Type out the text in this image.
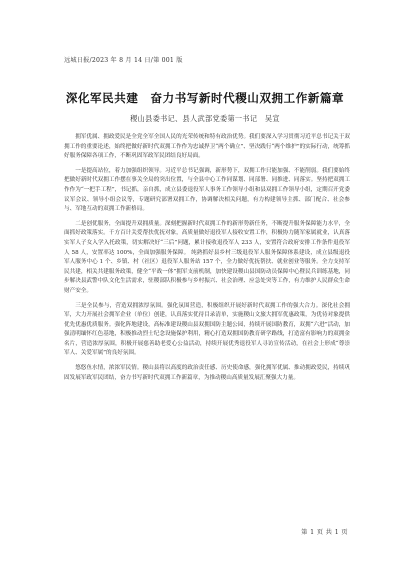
远城日报/2023 年 8 月 14 日/第 001 版
深化军民共建　奋力书写新时代稷山双拥工作新篇章
稷山县委书记、县人武部党委第一书记　吴宣

拥军优属、拥政爱民是全党全军全国人民的光荣传统和特有政治优势。我们要深入学习贯彻习近平总书记关于双拥工作的重要论述，始终把做好新时代双拥工作作为忠诚捍卫“两个确立”、坚决践行“两个维护”的实际行动，统筹抓好服务保障各项工作，不断巩固军政军民团结良好局面。

一是提高站位，着力加强组织领导。习近平总书记强调，新形势下，双拥工作只能加强、不能削弱。我们要始终把做好新时代双拥工作摆在事关全局的突出位置，与全县中心工作同谋划、同部署、同推进、同落实。坚持把双拥工作作为“一把手工程”，书记抓，亲自抓，成立县委退役军人事务工作领导小组和县双拥工作领导小组，定期召开党委议军会议、领导小组会议等，专题研究部署双拥工作，协调解决相关问题，有力构建领导主抓、部门配合、社会参与、军地互动的双拥工作新格局。

二是创优服务，全面提升双拥质量。深刻把握新时代双拥工作的新形势新任务，不断提升服务保障能力水平，全面抓好政策落实。千方百计关爱帮扶优抚对象，高质量做好退役军人接收安置工作，积极协力随军家属就业，认真落实军人子女入学入托政策，切实解决好“三后”问题，累计接收退役军人 233 人，安置符合政府安排工作条件退役军人 58 人，安置率达 100%，全面加强服务保障。 纯熟抓好县乡村三级退役军人服务保障体系建设，成立县级退役军人服务中心 1 个、乡镇、村（社区）退役军人服务站 157 个，全力做好优抚帮扶、就业创业等服务。全力支持军民共建，相关共建服务政策，健全“平战一体”拥军支前机制，加快建设稷山县国防动员保障中心暨民兵训练基地，同步解决县武警中队文化生活需求，驻稷部队积极参与乡村振兴、社会治理、应急处突等工作，有力维护人民群众生命财产安全。

三是全民参与，营造双拥浓厚氛围。强化氛围营造，积极组织开展好新时代双拥工作的强大合力。深化社会拥军，大力开展社会拥军企业（单位）创建，认真落实优待目录清单，实施稷山文旅大拥军优惠政策，为优待对象提供优先优惠优质服务。强化阵地建设，高标准建设稷山县双拥国防主题公园，持续开展国防教育，双拥“六进”活动，加强清明缅怀红色基地，积极推动烈士纪念设施保护利用，精心打造双拥国防教育研学路线，打造富有影响力的双拥金名片，营造浓厚氛围，积极开展慈善助老爱心公益活动，持续开展优秀退役军人寻访宣传活动，在社会上形成“尊崇军人、关爱军属”的良好氛围。

悠悠鱼水情，浓浓军民情。稷山县将以高度的政治责任感、历史使命感，强化拥军优属、推动拥政爱民，持续巩固发展军政军民团结，奋力书写新时代双拥工作新篇章，为推动稷山高质量发展汇聚强大力量。

第 1 页 共 1 页
